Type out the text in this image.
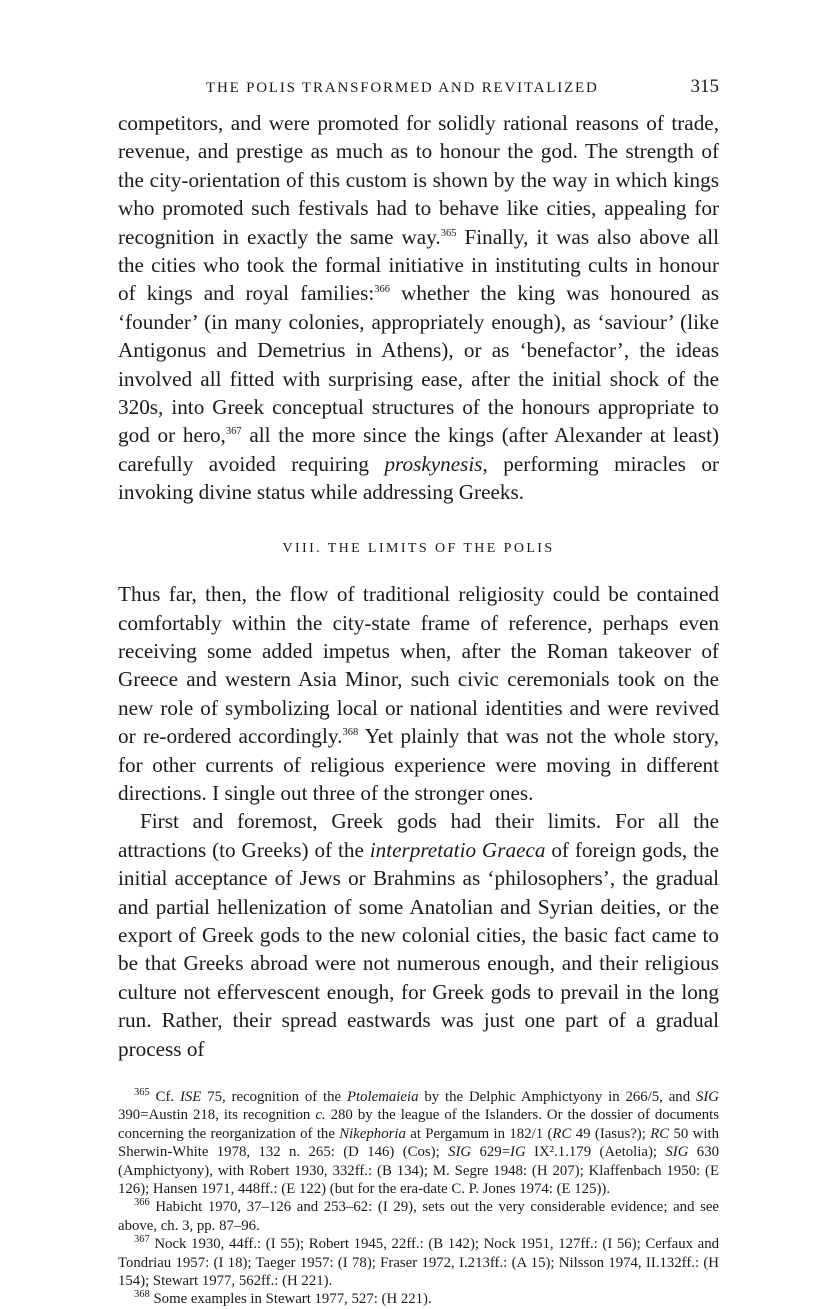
THE POLIS TRANSFORMED AND REVITALIZED	315

competitors, and were promoted for solidly rational reasons of trade, revenue, and prestige as much as to honour the god. The strength of the city-orientation of this custom is shown by the way in which kings who promoted such festivals had to behave like cities, appealing for recognition in exactly the same way.$^{365}$ Finally, it was also above all the cities who took the formal initiative in instituting cults in honour of kings and royal families:$^{366}$ whether the king was honoured as ‘founder’ (in many colonies, appropriately enough), as ‘saviour’ (like Antigonus and Demetrius in Athens), or as ‘benefactor’, the ideas involved all fitted with surprising ease, after the initial shock of the 320s, into Greek conceptual structures of the honours appropriate to god or hero,$^{367}$ all the more since the kings (after Alexander at least) carefully avoided requiring proskynesis, performing miracles or invoking divine status while addressing Greeks.

VIII. THE LIMITS OF THE POLIS

Thus far, then, the flow of traditional religiosity could be contained comfortably within the city-state frame of reference, perhaps even receiving some added impetus when, after the Roman takeover of Greece and western Asia Minor, such civic ceremonials took on the new role of symbolizing local or national identities and were revived or re-ordered accordingly.$^{368}$ Yet plainly that was not the whole story, for other currents of religious experience were moving in different directions. I single out three of the stronger ones.

First and foremost, Greek gods had their limits. For all the attractions (to Greeks) of the interpretatio Graeca of foreign gods, the initial acceptance of Jews or Brahmins as ‘philosophers’, the gradual and partial hellenization of some Anatolian and Syrian deities, or the export of Greek gods to the new colonial cities, the basic fact came to be that Greeks abroad were not numerous enough, and their religious culture not effervescent enough, for Greek gods to prevail in the long run. Rather, their spread eastwards was just one part of a gradual process of

$^{365}$ Cf. ISE 75, recognition of the Ptolemaieia by the Delphic Amphictyony in 266/5, and SIG 390=Austin 218, its recognition c. 280 by the league of the Islanders. Or the dossier of documents concerning the reorganization of the Nikephoria at Pergamum in 182/1 (RC 49 (Iasus?); RC 50 with Sherwin-White 1978, 132 n. 265: (D 146) (Cos); SIG 629=IG IX².1.179 (Aetolia); SIG 630 (Amphictyony), with Robert 1930, 332ff.: (B 134); M. Segre 1948: (H 207); Klaffenbach 1950: (E 126); Hansen 1971, 448ff.: (E 122) (but for the era-date C. P. Jones 1974: (E 125)).

$^{366}$ Habicht 1970, 37–126 and 253–62: (I 29), sets out the very considerable evidence; and see above, ch. 3, pp. 87–96.

$^{367}$ Nock 1930, 44ff.: (I 55); Robert 1945, 22ff.: (B 142); Nock 1951, 127ff.: (I 56); Cerfaux and Tondriau 1957: (I 18); Taeger 1957: (I 78); Fraser 1972, I.213ff.: (A 15); Nilsson 1974, II.132ff.: (H 154); Stewart 1977, 562ff.: (H 221).

$^{368}$ Some examples in Stewart 1977, 527: (H 221).
